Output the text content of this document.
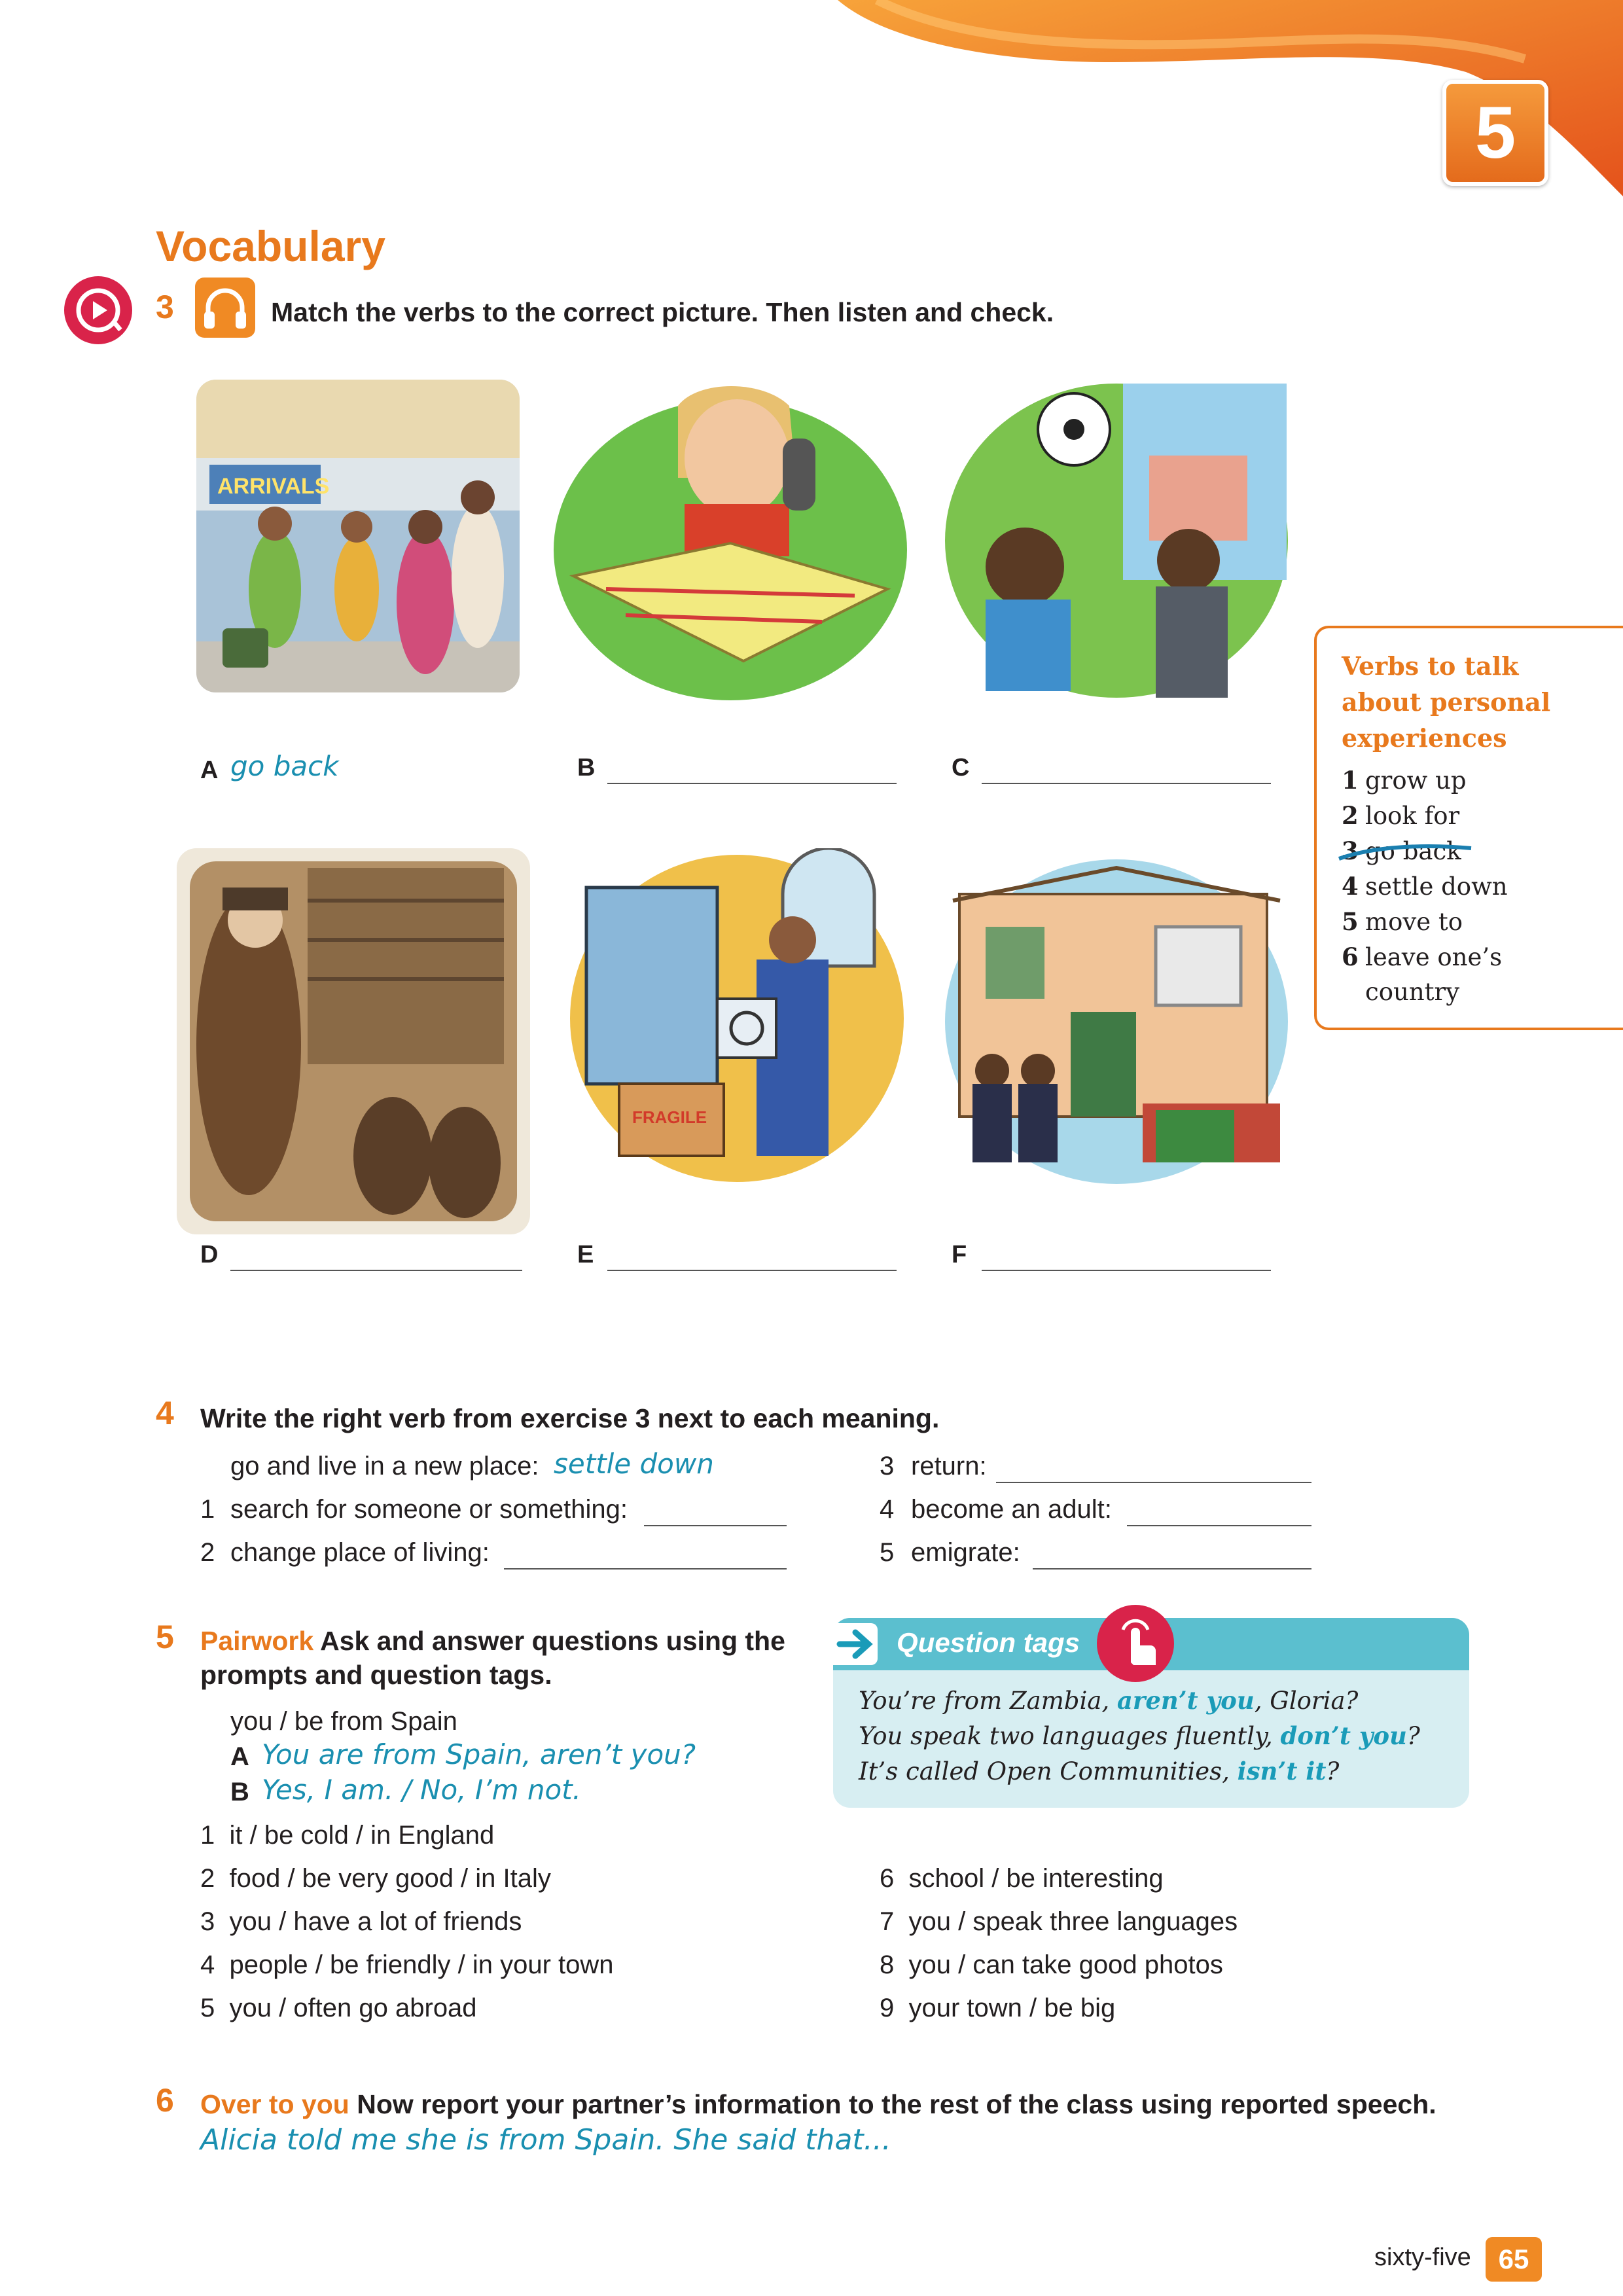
5
Vocabulary
3	Match the verbs to the correct picture. Then listen and check.
ARRIVALS
A go back	B	C
FRAGILE
D	E	F
Verbs to talk about personal experiences
1 grow up
2 look for
3 go back
4 settle down
5 move to
6 leave one’s
country
4 Write the right verb from exercise 3 next to each meaning.
go and live in a new place: settle down
1 search for someone or something:
2 change place of living:
3 return:
4 become an adult:
5 emigrate:
5 Pairwork Ask and answer questions using the
prompts and question tags.
you / be from Spain
A You are from Spain, aren’t you?
B Yes, I am. / No, I’m not.
1 it / be cold / in England
2 food / be very good / in Italy
3 you / have a lot of friends
4 people / be friendly / in your town
5 you / often go abroad
6 school / be interesting
7 you / speak three languages
8 you / can take good photos
9 your town / be big
Question tags
You’re from Zambia, aren’t you, Gloria?
You speak two languages fluently, don’t you?
It’s called Open Communities, isn’t it?
6 Over to you Now report your partner’s information to the rest of the class using reported speech.
Alicia told me she is from Spain. She said that...
sixty-five 65
